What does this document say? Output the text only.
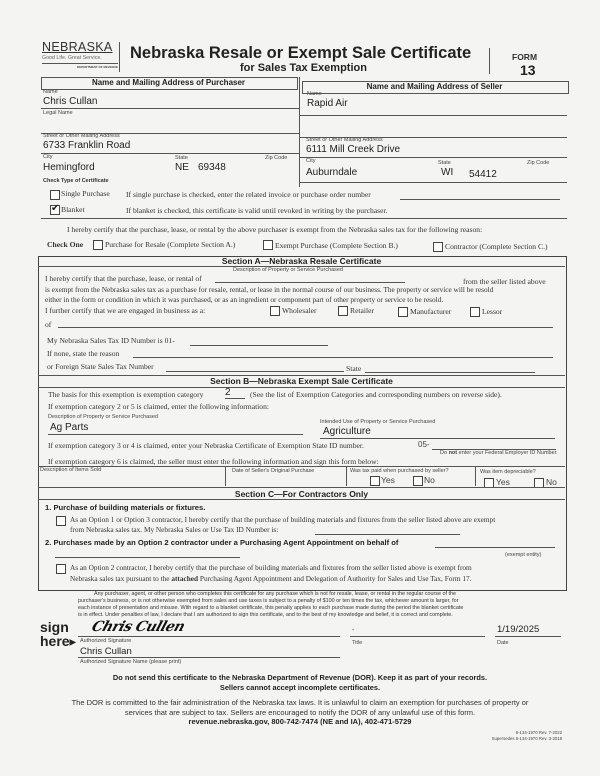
NEBRASKA
Good Life. Great Service.
DEPARTMENT OF REVENUE
Nebraska Resale or Exempt Sale Certificate
for Sales Tax Exemption
FORM
13
Name and Mailing Address of Purchaser	Name and Mailing Address of Seller
Name
Chris Cullan
Legal Name
Street or Other Mailing Address
6733 Franklin Road
City	State	Zip Code
Hemingford	NE 69348
Name
Rapid Air
Street or Other Mailing Address
6111 Mill Creek Drive
City	State	Zip Code
Auburndale	WI 54412
Check Type of Certificate
Single Purchase If single purchase is checked, enter the related invoice or purchase order number
✔ Blanket	If blanket is checked, this certificate is valid until revoked in writing by the purchaser.
I hereby certify that the purchase, lease, or rental by the above purchaser is exempt from the Nebraska sales tax for the following reason:
Check One	Purchase for Resale (Complete Section A.)	Exempt Purchase (Complete Section B.)	Contractor (Complete Section C.)
Section A—Nebraska Resale Certificate
Description of Property or Service Purchased
I hereby certify that the purchase, lease, or rental of	from the seller listed above
is exempt from the Nebraska sales tax as a purchase for resale, rental, or lease in the normal course of our business. The property or service will be resold
either in the form or condition in which it was purchased, or as an ingredient or component part of other property or service to be resold.
I further certify that we are engaged in business as a:	Wholesaler	Retailer	Manufacturer	Lessor
of
My Nebraska Sales Tax ID Number is 01-
If none, state the reason
or Foreign State Sales Tax Number	State
Section B—Nebraska Exempt Sale Certificate
The basis for this exemption is exemption category 2	(See the list of Exemption Categories and corresponding numbers on reverse side).
If exemption category 2 or 5 is claimed, enter the following information:
Description of Property or Service Purchased
Ag Parts	Intended Use of Property or Service Purchased
Agriculture
If exemption category 3 or 4 is claimed, enter your Nebraska Certificate of Exemption State ID number.	05-
Do not enter your Federal Employer ID Number.
If exemption category 6 is claimed, the seller must enter the following information and sign this form below:
Description of Items Sold	Date of Seller's Original Purchase	Was tax paid when purchased by seller?
Yes	No
Was item depreciable?
Yes	No
Section C—For Contractors Only
1. Purchase of building materials or fixtures.
As an Option 1 or Option 3 contractor, I hereby certify that the purchase of building materials and fixtures from the seller listed above are exempt
from Nebraska sales tax. My Nebraska Sales or Use Tax ID Number is:
2. Purchases made by an Option 2 contractor under a Purchasing Agent Appointment on behalf of
(exempt entity)
As an Option 2 contractor, I hereby certify that the purchase of building materials and fixtures from the seller listed above is exempt from
Nebraska sales tax pursuant to the attached Purchasing Agent Appointment and Delegation of Authority for Sales and Use Tax, Form 17.
Any purchaser, agent, or other person who completes this certificate for any purchase which is not for resale, lease, or rental in the regular course of the
purchaser's business, or is not otherwise exempted from sales and use taxes is subject to a penalty of $100 or ten times the tax, whichever amount is larger, for
each instance of presentation and misuse. With regard to a blanket certificate, this penalty applies to each purchase made during the period the blanket certificate
is in effect. Under penalties of law, I declare that I am authorized to sign this certificate, and to the best of my knowledge and belief, it is correct and complete.
sign
here▶
Chris Cullen
Authorized Signature
-
Title
1/19/2025
Date
Chris Cullan
Authorized Signature Name (please print)
Do not send this certificate to the Nebraska Department of Revenue (DOR). Keep it as part of your records.
Sellers cannot accept incomplete certificates.
The DOR is committed to the fair administration of the Nebraska tax laws. It is unlawful to claim an exemption for purchases of property or
services that are subject to tax. Sellers are encouraged to notify the DOR of any unlawful use of this form.
revenue.nebraska.gov, 800-742-7474 (NE and IA), 402-471-5729
6-134-1970 Rev. 7-2022
Supersedes 6-134-1970 Rev. 3-2018
